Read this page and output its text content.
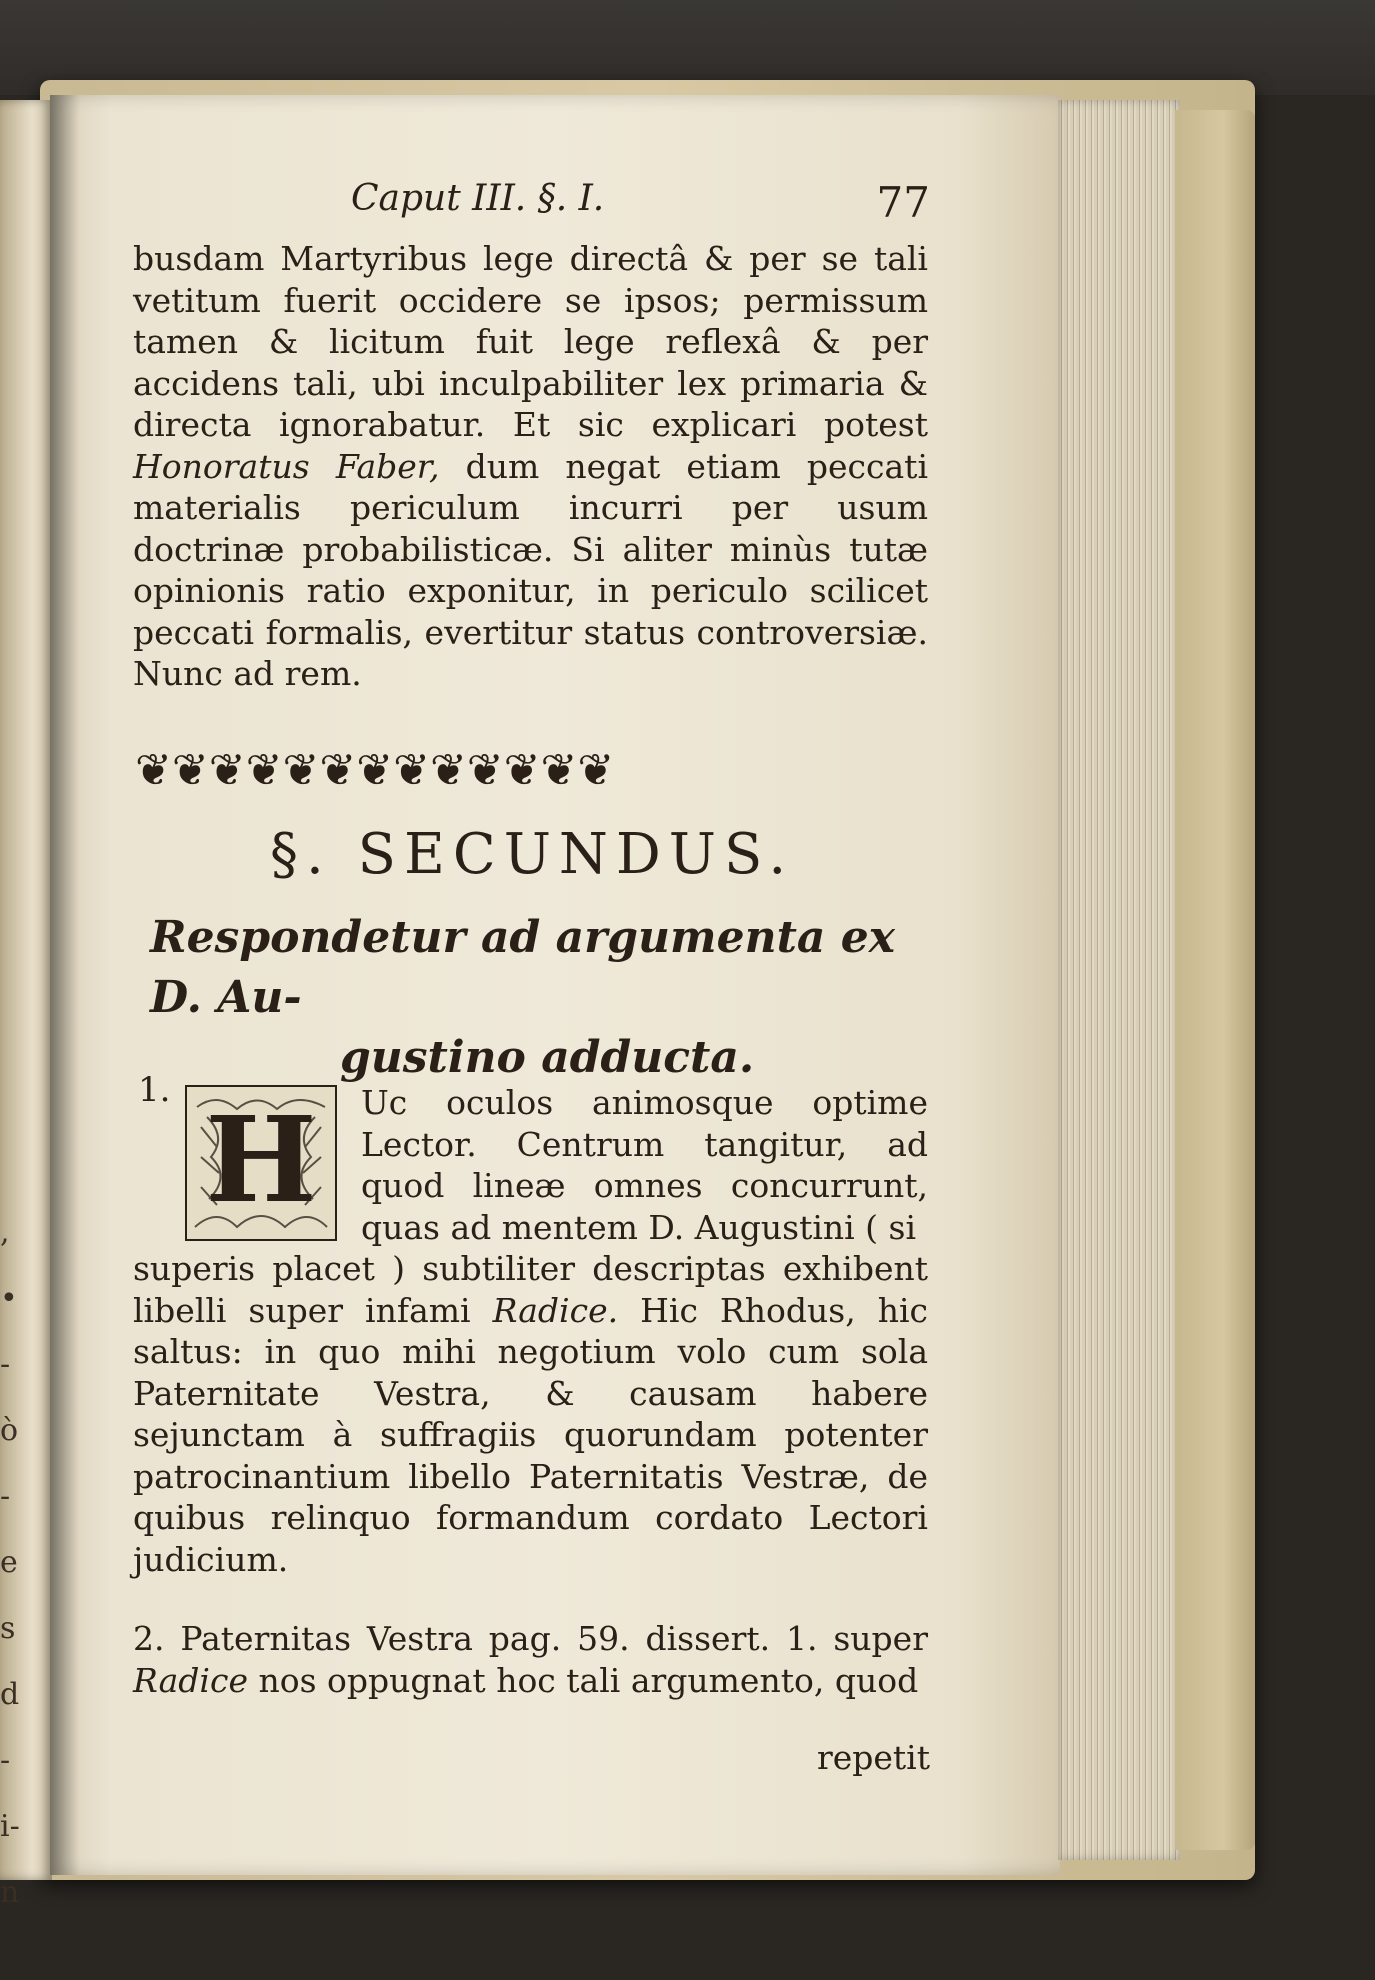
, • - ò - e s d - i- n
Caput III. §. I.	77
busdam Martyribus lege directâ & per se tali vetitum fuerit occidere se ipsos; permissum tamen & licitum fuit lege reflexâ & per accidens tali, ubi inculpabiliter lex primaria & directa ignorabatur. Et sic explicari potest Honoratus Faber, dum negat etiam peccati materialis periculum incurri per usum doctrinæ probabilisticæ. Si aliter minùs tutæ opinionis ratio exponitur, in periculo scilicet peccati formalis, evertitur status controversiæ. Nunc ad rem.
❦❦❦❦❦❦❦❦❦❦❦❦❦
§. SECUNDUS.
Respondetur ad argumenta ex D. Au-
gustino adducta.
1. H	Uc oculos animosque optime Lector. Centrum tangitur, ad quod lineæ omnes concurrunt, quas ad mentem D. Augustini ( si
superis placet ) subtiliter descriptas exhibent libelli super infami Radice. Hic Rhodus, hic saltus: in quo mihi negotium volo cum sola Paternitate Vestra, & causam habere sejunctam à suffragiis quorundam potenter patrocinantium libello Paternitatis Vestræ, de quibus relinquo formandum cordato Lectori judicium.
2. Paternitas Vestra pag. 59. dissert. 1. super Radice nos oppugnat hoc tali argumento, quod
repetit
